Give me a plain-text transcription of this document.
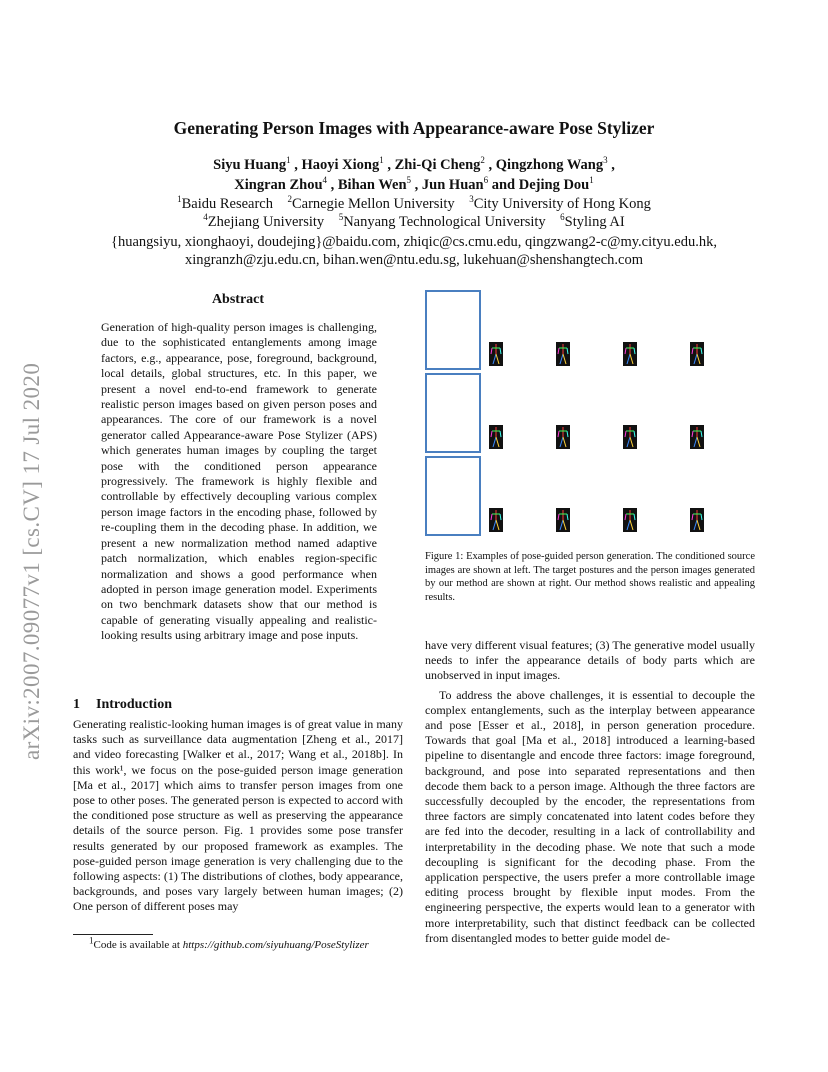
Generating Person Images with Appearance-aware Pose Stylizer
Siyu Huang$^1$ , Haoyi Xiong$^1$ , Zhi-Qi Cheng$^2$ , Qingzhong Wang$^3$ ,
Xingran Zhou$^4$ , Bihan Wen$^5$ , Jun Huan$^6$ and Dejing Dou$^1$
$^1$Baidu Research $^2$Carnegie Mellon University $^3$City University of Hong Kong
$^4$Zhejiang University $^5$Nanyang Technological University $^6$Styling AI
{huangsiyu, xionghaoyi, doudejing}@baidu.com, zhiqic@cs.cmu.edu, qingzwang2-c@my.cityu.edu.hk,
xingranzh@zju.edu.cn, bihan.wen@ntu.edu.sg, lukehuan@shenshangtech.com
arXiv:2007.09077v1 [cs.CV] 17 Jul 2020
Abstract
Generation of high-quality person images is challenging, due to the sophisticated entanglements among image factors, e.g., appearance, pose, foreground, background, local details, global structures, etc. In this paper, we present a novel end-to-end framework to generate realistic person images based on given person poses and appearances. The core of our framework is a novel generator called Appearance-aware Pose Stylizer (APS) which generates human images by coupling the target pose with the conditioned person appearance progressively. The framework is highly flexible and controllable by effectively decoupling various complex person image factors in the encoding phase, followed by re-coupling them in the decoding phase. In addition, we present a new normalization method named adaptive patch normalization, which enables region-specific normalization and shows a good performance when adopted in person image generation model. Experiments on two benchmark datasets show that our method is capable of generating visually appealing and realistic-looking results using arbitrary image and pose inputs.
1 Introduction

Generating realistic-looking human images is of great value in many tasks such as surveillance data augmentation [Zheng et al., 2017] and video forecasting [Walker et al., 2017; Wang et al., 2018b]. In this work¹, we focus on the pose-guided person image generation [Ma et al., 2017] which aims to transfer person images from one pose to other poses. The generated person is expected to accord with the conditioned pose structure as well as preserving the appearance details of the source person. Fig. 1 provides some pose transfer results generated by our proposed framework as examples. The pose-guided person image generation is very challenging due to the following aspects: (1) The distributions of clothes, body appearance, backgrounds, and poses vary largely between human images; (2) One person of different poses may

$^1$Code is available at https://github.com/siyuhuang/PoseStylizer
Figure 1: Examples of pose-guided person generation. The conditioned source images are shown at left. The target postures and the person images generated by our method are shown at right. Our method shows realistic and appealing results.

have very different visual features; (3) The generative model usually needs to infer the appearance details of body parts which are unobserved in input images.

To address the above challenges, it is essential to decouple the complex entanglements, such as the interplay between appearance and pose [Esser et al., 2018], in person generation procedure. Towards that goal [Ma et al., 2018] introduced a learning-based pipeline to disentangle and encode three factors: image foreground, background, and pose into separated representations and then decode them back to a person image. Although the three factors are successfully decoupled by the encoder, the representations from three factors are simply concatenated into latent codes before they are fed into the decoder, resulting in a lack of controllability and interpretability in the decoding phase. We note that such a mode decoupling is significant for the decoding phase. From the application perspective, the users prefer a more controllable image editing process brought by flexible input modes. From the engineering perspective, the experts would lean to a generator with more interpretability, such that distinct feedback can be collected from disentangled modes to better guide model de-
